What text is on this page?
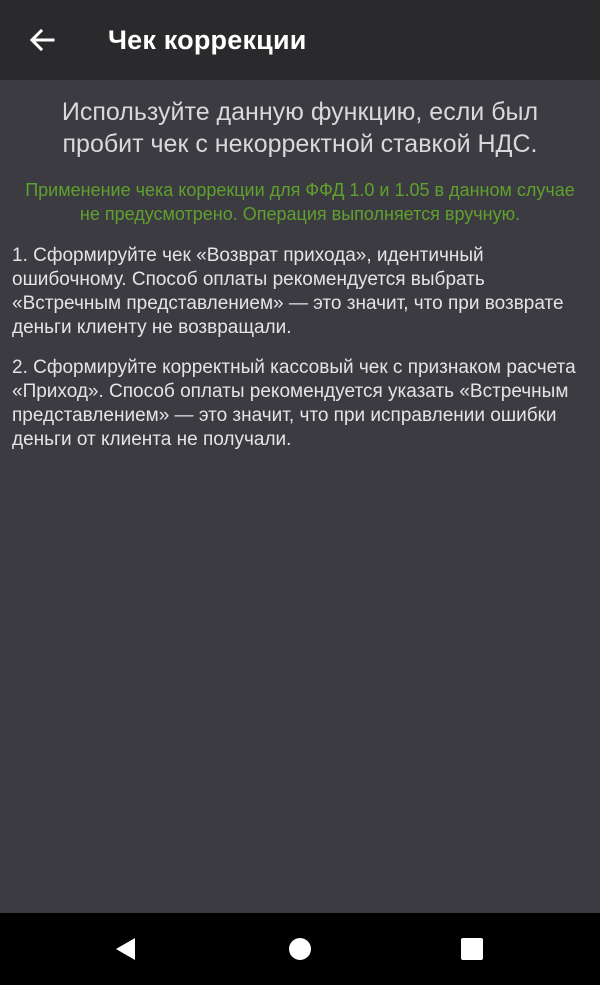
Чек коррекции
Используйте данную функцию, если был пробит чек с некорректной ставкой НДС.
Применение чека коррекции для ФФД 1.0 и 1.05 в данном случае не предусмотрено. Операция выполняется вручную.
1. Сформируйте чек «Возврат прихода», идентичный ошибочному. Способ оплаты рекомендуется выбрать «Встречным представлением» — это значит, что при возврате деньги клиенту не возвращали.
2. Сформируйте корректный кассовый чек с признаком расчета «Приход». Способ оплаты рекомендуется указать «Встречным представлением» — это значит, что при исправлении ошибки деньги от клиента не получали.
